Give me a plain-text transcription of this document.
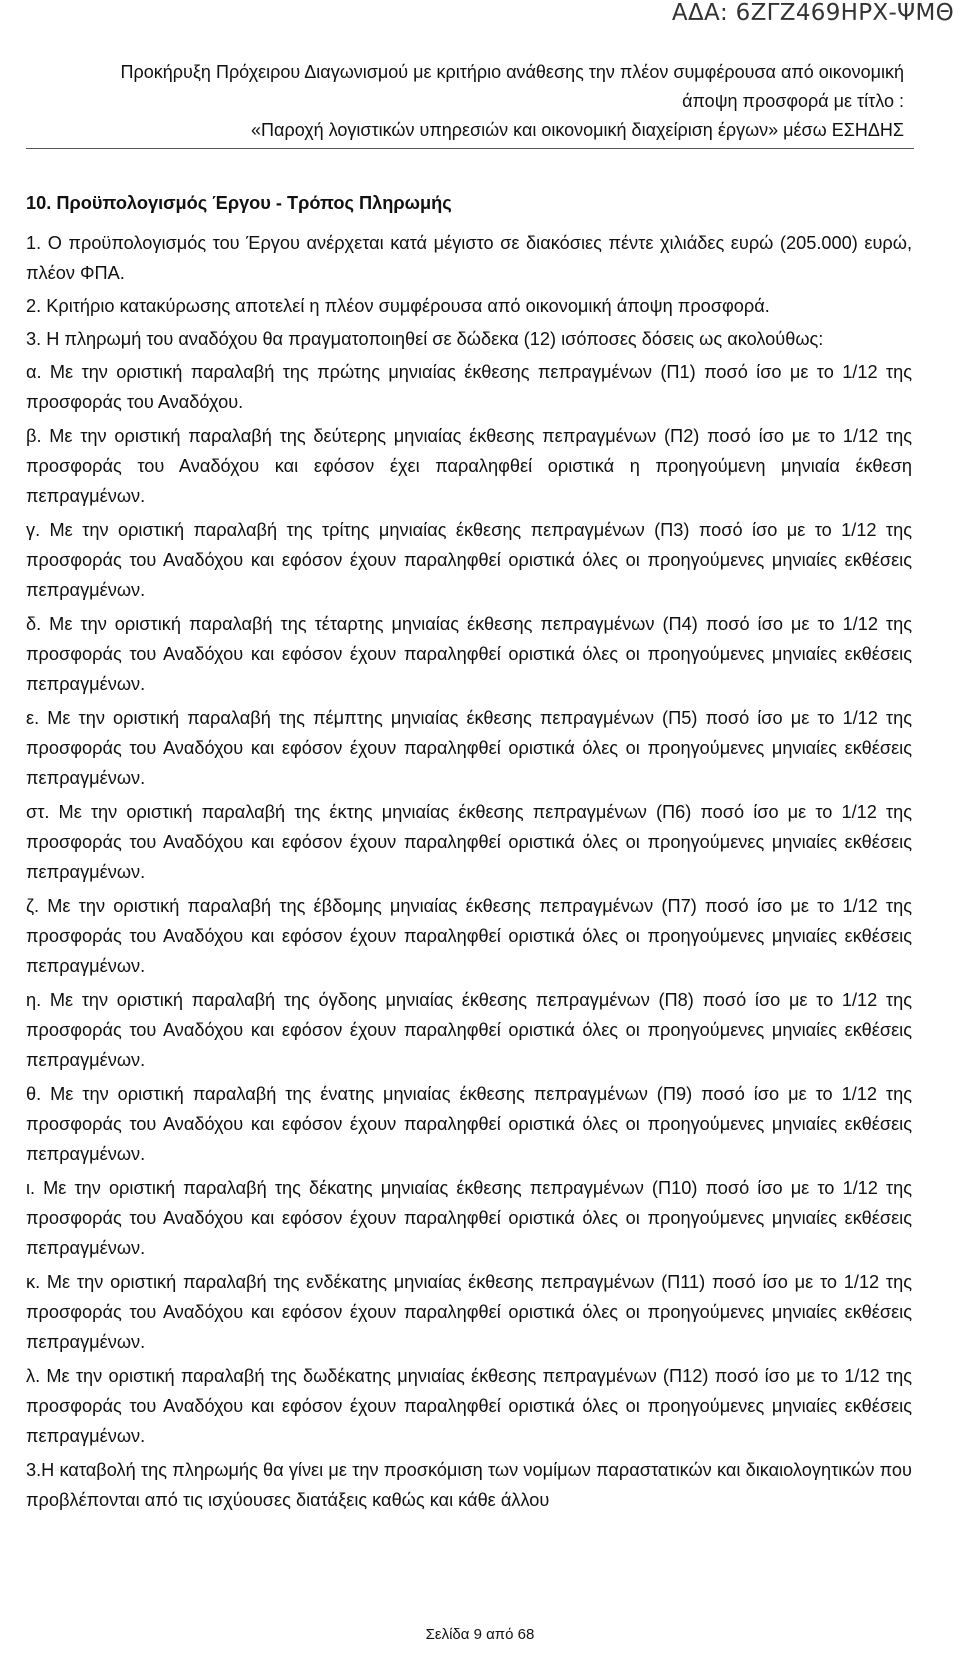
ΑΔΑ: 6ΖΓΖ469ΗΡΧ-ΨΜΘ
Προκήρυξη Πρόχειρου Διαγωνισμού με κριτήριο ανάθεσης την πλέον συμφέρουσα από οικονομική
άποψη προσφορά με τίτλο :
«Παροχή λογιστικών υπηρεσιών και οικονομική διαχείριση έργων» μέσω ΕΣΗΔΗΣ

10. Προϋπολογισμός Έργου - Τρόπος Πληρωμής

1. Ο προϋπολογισμός του Έργου ανέρχεται κατά μέγιστο σε διακόσιες πέντε χιλιάδες ευρώ (205.000) ευρώ, πλέον ΦΠΑ.

2. Κριτήριο κατακύρωσης αποτελεί η πλέον συμφέρουσα από οικονομική άποψη προσφορά.

3. Η πληρωμή του αναδόχου θα πραγματοποιηθεί σε δώδεκα (12) ισόποσες δόσεις ως ακολούθως:

α. Με την οριστική παραλαβή της πρώτης μηνιαίας έκθεσης πεπραγμένων (Π1) ποσό ίσο με το 1/12 της προσφοράς του Αναδόχου.

β. Με την οριστική παραλαβή της δεύτερης μηνιαίας έκθεσης πεπραγμένων (Π2) ποσό ίσο με το 1/12 της προσφοράς του Αναδόχου και εφόσον έχει παραληφθεί οριστικά η προηγούμενη μηνιαία έκθεση πεπραγμένων.

γ. Με την οριστική παραλαβή της τρίτης μηνιαίας έκθεσης πεπραγμένων (Π3) ποσό ίσο με το 1/12 της προσφοράς του Αναδόχου και εφόσον έχουν παραληφθεί οριστικά όλες οι προηγούμενες μηνιαίες εκθέσεις πεπραγμένων.

δ. Με την οριστική παραλαβή της τέταρτης μηνιαίας έκθεσης πεπραγμένων (Π4) ποσό ίσο με το 1/12 της προσφοράς του Αναδόχου και εφόσον έχουν παραληφθεί οριστικά όλες οι προηγούμενες μηνιαίες εκθέσεις πεπραγμένων.

ε. Με την οριστική παραλαβή της πέμπτης μηνιαίας έκθεσης πεπραγμένων (Π5) ποσό ίσο με το 1/12 της προσφοράς του Αναδόχου και εφόσον έχουν παραληφθεί οριστικά όλες οι προηγούμενες μηνιαίες εκθέσεις πεπραγμένων.

στ. Με την οριστική παραλαβή της έκτης μηνιαίας έκθεσης πεπραγμένων (Π6) ποσό ίσο με το 1/12 της προσφοράς του Αναδόχου και εφόσον έχουν παραληφθεί οριστικά όλες οι προηγούμενες μηνιαίες εκθέσεις πεπραγμένων.

ζ. Με την οριστική παραλαβή της έβδομης μηνιαίας έκθεσης πεπραγμένων (Π7) ποσό ίσο με το 1/12 της προσφοράς του Αναδόχου και εφόσον έχουν παραληφθεί οριστικά όλες οι προηγούμενες μηνιαίες εκθέσεις πεπραγμένων.

η. Με την οριστική παραλαβή της όγδοης μηνιαίας έκθεσης πεπραγμένων (Π8) ποσό ίσο με το 1/12 της προσφοράς του Αναδόχου και εφόσον έχουν παραληφθεί οριστικά όλες οι προηγούμενες μηνιαίες εκθέσεις πεπραγμένων.

θ. Με την οριστική παραλαβή της ένατης μηνιαίας έκθεσης πεπραγμένων (Π9) ποσό ίσο με το 1/12 της προσφοράς του Αναδόχου και εφόσον έχουν παραληφθεί οριστικά όλες οι προηγούμενες μηνιαίες εκθέσεις πεπραγμένων.

ι. Με την οριστική παραλαβή της δέκατης μηνιαίας έκθεσης πεπραγμένων (Π10) ποσό ίσο με το 1/12 της προσφοράς του Αναδόχου και εφόσον έχουν παραληφθεί οριστικά όλες οι προηγούμενες μηνιαίες εκθέσεις πεπραγμένων.

κ. Με την οριστική παραλαβή της ενδέκατης μηνιαίας έκθεσης πεπραγμένων (Π11) ποσό ίσο με το 1/12 της προσφοράς του Αναδόχου και εφόσον έχουν παραληφθεί οριστικά όλες οι προηγούμενες μηνιαίες εκθέσεις πεπραγμένων.

λ. Με την οριστική παραλαβή της δωδέκατης μηνιαίας έκθεσης πεπραγμένων (Π12) ποσό ίσο με το 1/12 της προσφοράς του Αναδόχου και εφόσον έχουν παραληφθεί οριστικά όλες οι προηγούμενες μηνιαίες εκθέσεις πεπραγμένων.

3.Η καταβολή της πληρωμής θα γίνει με την προσκόμιση των νομίμων παραστατικών και δικαιολογητικών που προβλέπονται από τις ισχύουσες διατάξεις καθώς και κάθε άλλου

Σελίδα 9 από 68
